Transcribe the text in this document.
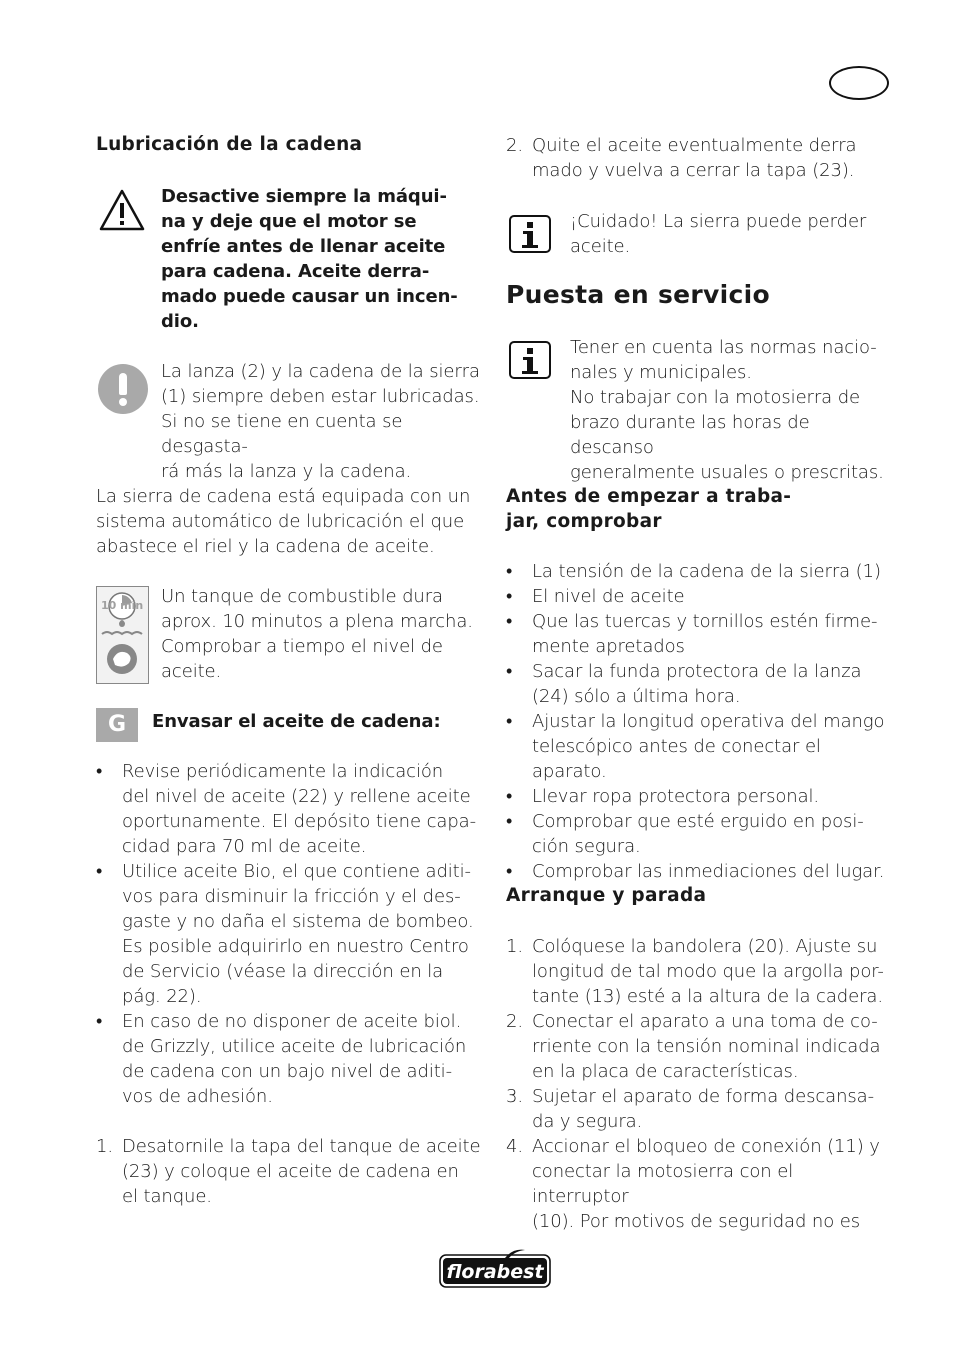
Lubricación de la cadena
Desactive siempre la máqui-
na y deje que el motor se
enfríe antes de llenar aceite
para cadena. Aceite derra-
mado puede causar un incen-
dio.
La lanza (2) y la cadena de la sierra
(1) siempre deben estar lubricadas.
Si no se tiene en cuenta se desgasta-
rá más la lanza y la cadena.
La sierra de cadena está equipada con un
sistema automático de lubricación el que
abastece el riel y la cadena de aceite.
10 min Un tanque de combustible dura
aprox. 10 minutos a plena marcha.
Comprobar a tiempo el nivel de
aceite.
G	Envasar el aceite de cadena:
• Revise periódicamente la indicación
del nivel de aceite (22) y rellene aceite
oportunamente. El depósito tiene capa-
cidad para 70 ml de aceite.
• Utilice aceite Bio, el que contiene aditi-
vos para disminuir la fricción y el des-
gaste y no daña el sistema de bombeo.
Es posible adquirirlo en nuestro Centro
de Servicio (véase la dirección en la
pág. 22).
• En caso de no disponer de aceite biol.
de Grizzly, utilice aceite de lubricación
de cadena con un bajo nivel de aditi-
vos de adhesión.
1. Desatornile la tapa del tanque de aceite
(23) y coloque el aceite de cadena en
el tanque.
2. Quite el aceite eventualmente derra
mado y vuelva a cerrar la tapa (23).
¡Cuidado! La sierra puede perder
aceite.
Puesta en servicio
Tener en cuenta las normas nacio-
nales y municipales.
No trabajar con la motosierra de
brazo durante las horas de descanso
generalmente usuales o prescritas.
Antes de empezar a traba-
jar, comprobar
• La tensión de la cadena de la sierra (1)
• El nivel de aceite
• Que las tuercas y tornillos estén firme-
mente apretados
• Sacar la funda protectora de la lanza
(24) sólo a última hora.
• Ajustar la longitud operativa del mango
telescópico antes de conectar el aparato.
• Llevar ropa protectora personal.
• Comprobar que esté erguido en posi-
ción segura.
• Comprobar las inmediaciones del lugar.
Arranque y parada
1. Colóquese la bandolera (20). Ajuste su
longitud de tal modo que la argolla por-
tante (13) esté a la altura de la cadera.
2. Conectar el aparato a una toma de co-
rriente con la tensión nominal indicada
en la placa de características.
3. Sujetar el aparato de forma descansa-
da y segura.
4. Accionar el bloqueo de conexión (11) y
conectar la motosierra con el interruptor
(10). Por motivos de seguridad no es
florabest
